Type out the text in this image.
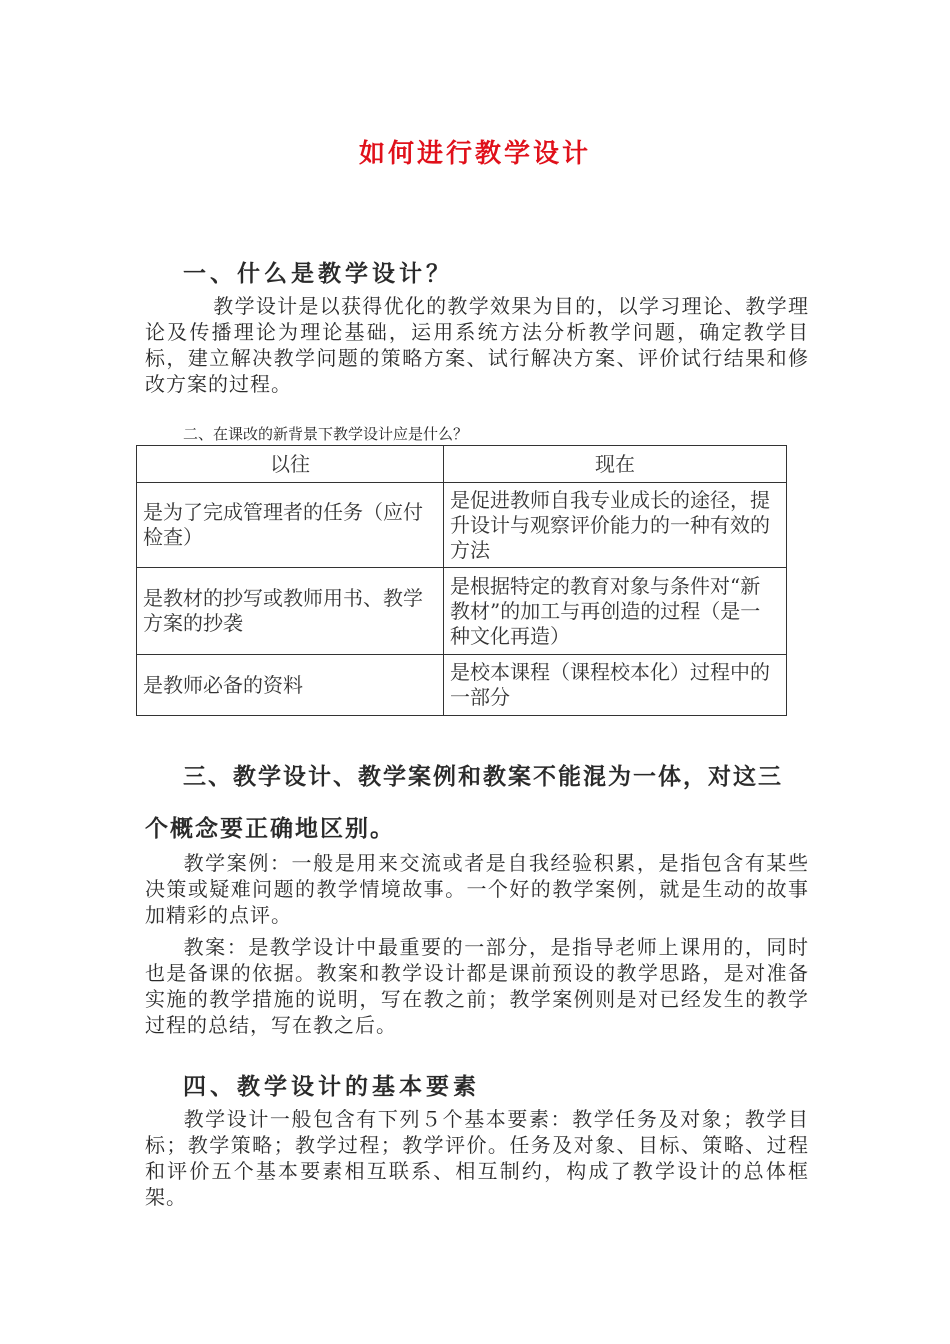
如何进行教学设计
一、什么是教学设计？
教学设计是以获得优化的教学效果为目的，以学习理论、教学理论及传播理论为理论基础，运用系统方法分析教学问题，确定教学目标，建立解决教学问题的策略方案、试行解决方案、评价试行结果和修改方案的过程。
二、在课改的新背景下教学设计应是什么？
以往	现在
是为了完成管理者的任务（应付检查）	是促进教师自我专业成长的途径，提升设计与观察评价能力的一种有效的方法
是教材的抄写或教师用书、教学方案的抄袭	是根据特定的教育对象与条件对“新教材”的加工与再创造的过程（是一种文化再造）
是教师必备的资料	是校本课程（课程校本化）过程中的一部分
三、教学设计、教学案例和教案不能混为一体，对这三
个概念要正确地区别。
教学案例：一般是用来交流或者是自我经验积累，是指包含有某些决策或疑难问题的教学情境故事。一个好的教学案例，就是生动的故事加精彩的点评。
教案：是教学设计中最重要的一部分，是指导老师上课用的，同时也是备课的依据。教案和教学设计都是课前预设的教学思路，是对准备实施的教学措施的说明，写在教之前；教学案例则是对已经发生的教学过程的总结，写在教之后。
四、教学设计的基本要素
教学设计一般包含有下列５个基本要素：教学任务及对象；教学目标；教学策略；教学过程；教学评价。任务及对象、目标、策略、过程和评价五个基本要素相互联系、相互制约，构成了教学设计的总体框架。
